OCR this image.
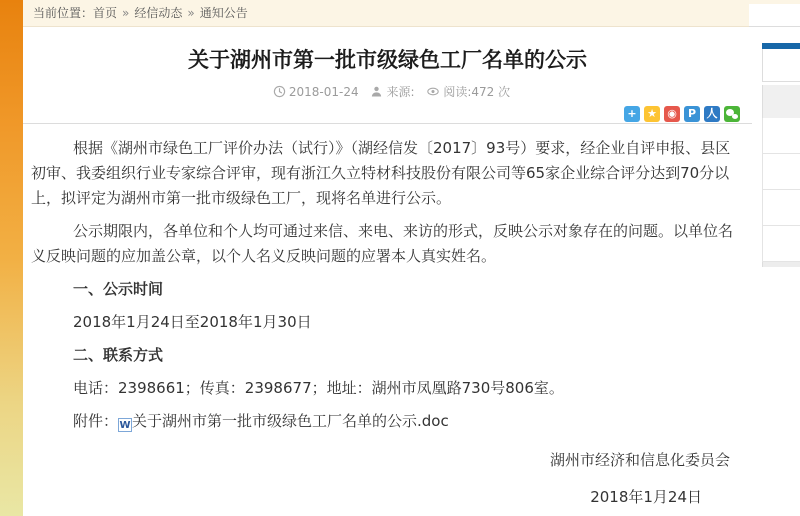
当前位置：首页 » 经信动态 » 通知公告
关于湖州市第一批市级绿色工厂名单的公示
2018-01-24 来源: 阅读:472 次
+ ★ ◉ P 人

根据《湖州市绿色工厂评价办法（试行）》（湖经信发〔2017〕93号）要求，经企业自评申报、县区初审、我委组织行业专家综合评审，现有浙江久立特材科技股份有限公司等65家企业综合评分达到70分以上，拟评定为湖州市第一批市级绿色工厂，现将名单进行公示。

公示期限内，各单位和个人均可通过来信、来电、来访的形式，反映公示对象存在的问题。以单位名义反映问题的应加盖公章，以个人名义反映问题的应署本人真实姓名。

一、公示时间

2018年1月24日至2018年1月30日

二、联系方式

电话：2398661；传真：2398677；地址：湖州市凤凰路730号806室。

附件：W关于湖州市第一批市级绿色工厂名单的公示.doc

湖州市经济和信息化委员会

2018年1月24日
